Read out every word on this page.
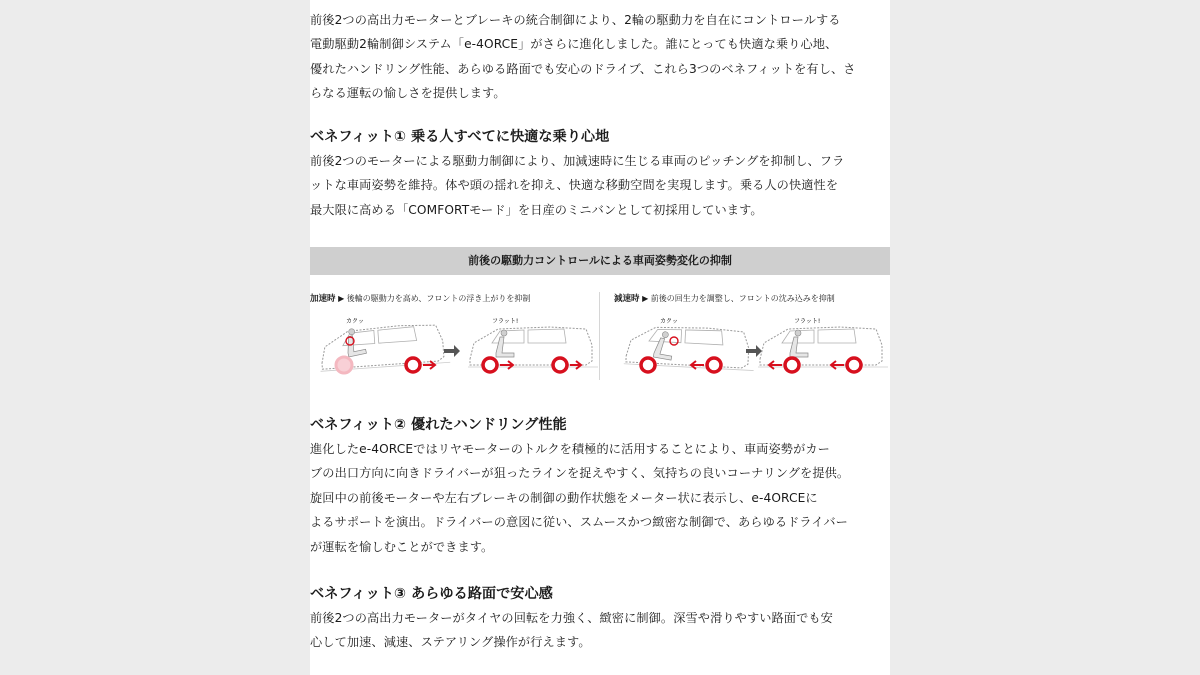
前後2つの高出力モーターとブレーキの統合制御により、2輪の駆動力を自在にコントロールする

電動駆動2輪制御システム「e-4ORCE」がさらに進化しました。誰にとっても快適な乗り心地、

優れたハンドリング性能、あらゆる路面でも安心のドライブ、これら3つのベネフィットを有し、さ

らなる運転の愉しさを提供します。

ベネフィット① 乗る人すべてに快適な乗り心地

前後2つのモーターによる駆動力制御により、加減速時に生じる車両のピッチングを抑制し、フラ

ットな車両姿勢を維持。体や頭の揺れを抑え、快適な移動空間を実現します。乗る人の快適性を

最大限に高める「COMFORTモード」を日産のミニバンとして初採用しています。

前後の駆動力コントロールによる車両姿勢変化の抑制
加速時 ▶ 後輪の駆動力を高め、フロントの浮き上がりを抑制	減速時 ▶ 前後の回生力を調整し、フロントの沈み込みを抑制
カクッ	フラット!	カクッ	フラット!
ベネフィット② 優れたハンドリング性能

進化したe-4ORCEではリヤモーターのトルクを積極的に活用することにより、車両姿勢がカー

ブの出口方向に向きドライバーが狙ったラインを捉えやすく、気持ちの良いコーナリングを提供。

旋回中の前後モーターや左右ブレーキの制御の動作状態をメーター状に表示し、e-4ORCEに

よるサポートを演出。ドライバーの意図に従い、スムースかつ緻密な制御で、あらゆるドライバー

が運転を愉しむことができます。

ベネフィット③ あらゆる路面で安心感

前後2つの高出力モーターがタイヤの回転を力強く、緻密に制御。深雪や滑りやすい路面でも安

心して加速、減速、ステアリング操作が行えます。
